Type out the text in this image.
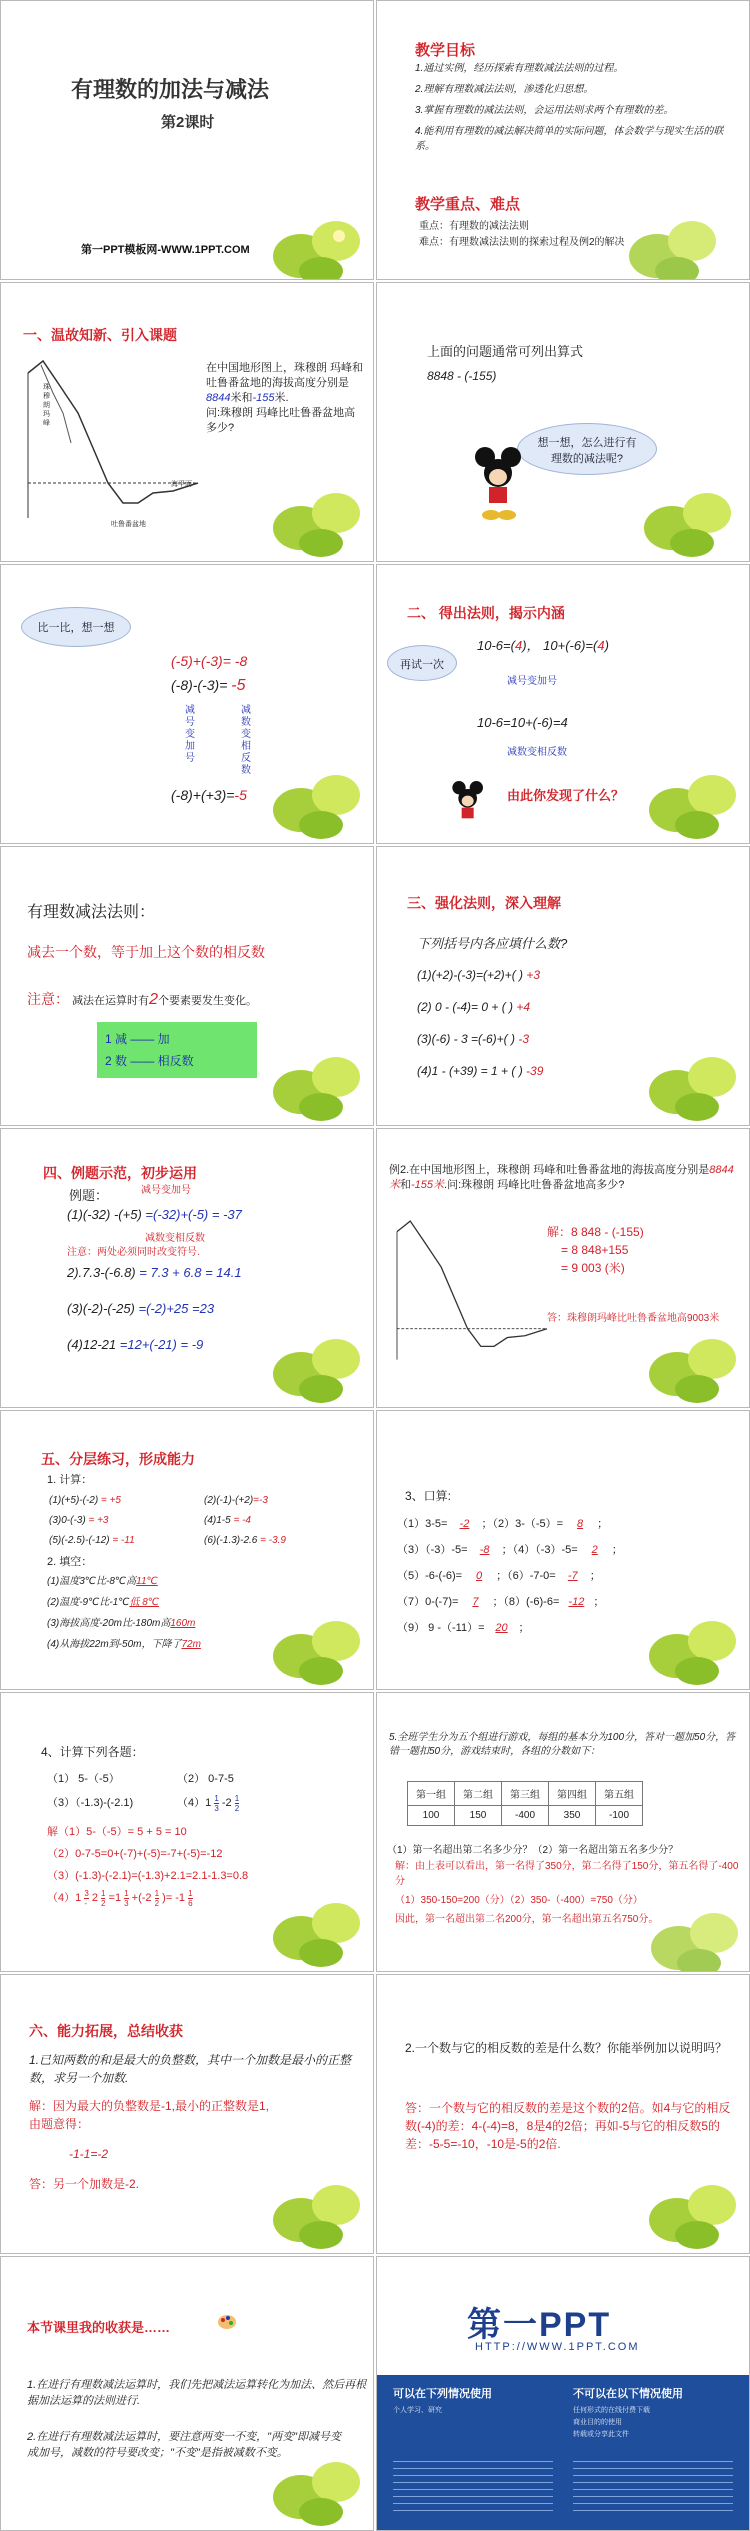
有理数的加法与减法
第2课时
第一PPT模板网-WWW.1PPT.COM
教学目标
1.通过实例，经历探索有理数减法法则的过程。
2.理解有理数减法法则，渗透化归思想。
3.掌握有理数的减法法则，会运用法则求两个有理数的差。
4.能利用有理数的减法解决简单的实际问题，体会数学与现实生活的联系。
教学重点、难点
重点：有理数的减法法则
难点：有理数减法法则的探索过程及例2的解决
一、温故知新、引入课题
珠穆朗玛峰
海平面
吐鲁番盆地
在中国地形图上，珠穆朗 玛峰和吐鲁番盆地的海拔高度分别是8844米和-155米.
问:珠穆朗 玛峰比吐鲁番盆地高多少?
上面的问题通常可列出算式
8848 - (-155)
想一想，怎么进行有理数的减法呢?
比一比，想一想
(-5)+(-3)= -8
(-8)-(-3)= -5
减号变加号
减数变相反数
(-8)+(+3)=-5
二、 得出法则，揭示内涵
再试一次
10-6=(4)， 10+(-6)=(4)
减号变加号
10-6=10+(-6)=4
减数变相反数
由此你发现了什么？
有理数减法法则：
减去一个数，等于加上这个数的相反数
注意： 减法在运算时有2个要素要发生变化。
1 减 —— 加
2 数 —— 相反数
三、强化法则，深入理解
下列括号内各应填什么数?
(1)(+2)-(-3)=(+2)+( ) +3
(2) 0 - (-4)= 0 + ( ) +4
(3)(-6) - 3 =(-6)+( ) -3
(4)1 - (+39) = 1 + ( ) -39
四、例题示范，初步运用
例题：	减号变加号
(1)(-32) -(+5) =(-32)+(-5) = -37
减数变相反数
注意：两处必须同时改变符号.
2).7.3-(-6.8) = 7.3 + 6.8 = 14.1
(3)(-2)-(-25) =(-2)+25 =23
(4)12-21 =12+(-21) = -9
例2.在中国地形图上，珠穆朗 玛峰和吐鲁番盆地的海拔高度分别是8844米和-155米.问:珠穆朗 玛峰比吐鲁番盆地高多少?
解：8 848 - (-155)
= 8 848+155
= 9 003 (米)
答：珠穆朗玛峰比吐鲁番盆地高9003米
五、分层练习，形成能力
1. 计算：
(1)(+5)-(-2) = +5	(2)(-1)-(+2)=-3
(3)0-(-3) = +3	(4)1-5 = -4
(5)(-2.5)-(-12) = -11	(6)(-1.3)-2.6 = -3.9
2. 填空：
(1)温度3℃比-8℃高11℃
(2)温度-9℃比-1℃低 8℃
(3)海拔高度-20m比-180m高160m
(4)从海拔22m到-50m，下降了72m
3、口算:
（1）3-5= -2 ；（2）3-（-5）= 8 ；
（3）（-3）-5= -8 ；（4）（-3）-5= 2 ；
（5）-6-(-6)= 0 ；（6）-7-0= -7 ；
（7）0-(-7)= 7 ；（8）(-6)-6= -12 ；
（9） 9 -（-11）= 20 ；
4、计算下列各题：
（1） 5-（-5）	（2） 0-7-5
（3）（-1.3)-(-2.1)	$(4)1 \frac{1}{3} -2 \frac{1}{2}$
解（1）5-（-5）= 5 + 5 = 10
（2）0-7-5=0+(-7)+(-5)=-7+(-5)=-12
（3）(-1.3)-(-2.1)=(-1.3)+2.1=2.1-1.3=0.8
（4）1 3
- $2 \frac{1}{2} =1 \frac{1}{3} +(-2 \frac{1}{2}$ )= $-1 \frac{1}{6}$
5.全班学生分为五个组进行游戏，每组的基本分为100分，答对一题加50分，答错一题扣50分，游戏结束时，各组的分数如下：
第一组	第二组	第三组	第四组	第五组
100	150	-400	350	-100
（1）第一名超出第二名多少分？（2）第一名超出第五名多少分？
解：由上表可以看出，第一名得了350分，第二名得了150分，第五名得了-400分
（1）350-150=200（分）（2）350-（-400）=750（分）
因此，第一名超出第二名200分，第一名超出第五名750分。
六、能力拓展，总结收获
1.已知两数的和是最大的负整数，其中一个加数是最小的正整数，求另一个加数.
解：因为最大的负整数是-1,最小的正整数是1,
由题意得：
-1-1=-2
答：另一个加数是-2.
2.一个数与它的相反数的差是什么数？你能举例加以说明吗？
答：一个数与它的相反数的差是这个数的2倍。如4与它的相反数(-4)的差：4-(-4)=8，8是4的2倍；再如-5与它的相反数5的差：-5-5=-10，-10是-5的2倍.
本节课里我的收获是……
1.在进行有理数减法运算时，我们先把减法运算转化为加法、然后再根据加法运算的法则进行.
2.在进行有理数减法运算时，要注意两变一不变，"两变"即减号变成加号，减数的符号要改变；"不变"是指被减数不变。
第一PPT
HTTP://WWW.1PPT.COM
可以在下列情况使用	不可以在以下情况使用
个人学习、研究	任何形式的在线付费下载
商业目的的使用
转载或分享此文件
